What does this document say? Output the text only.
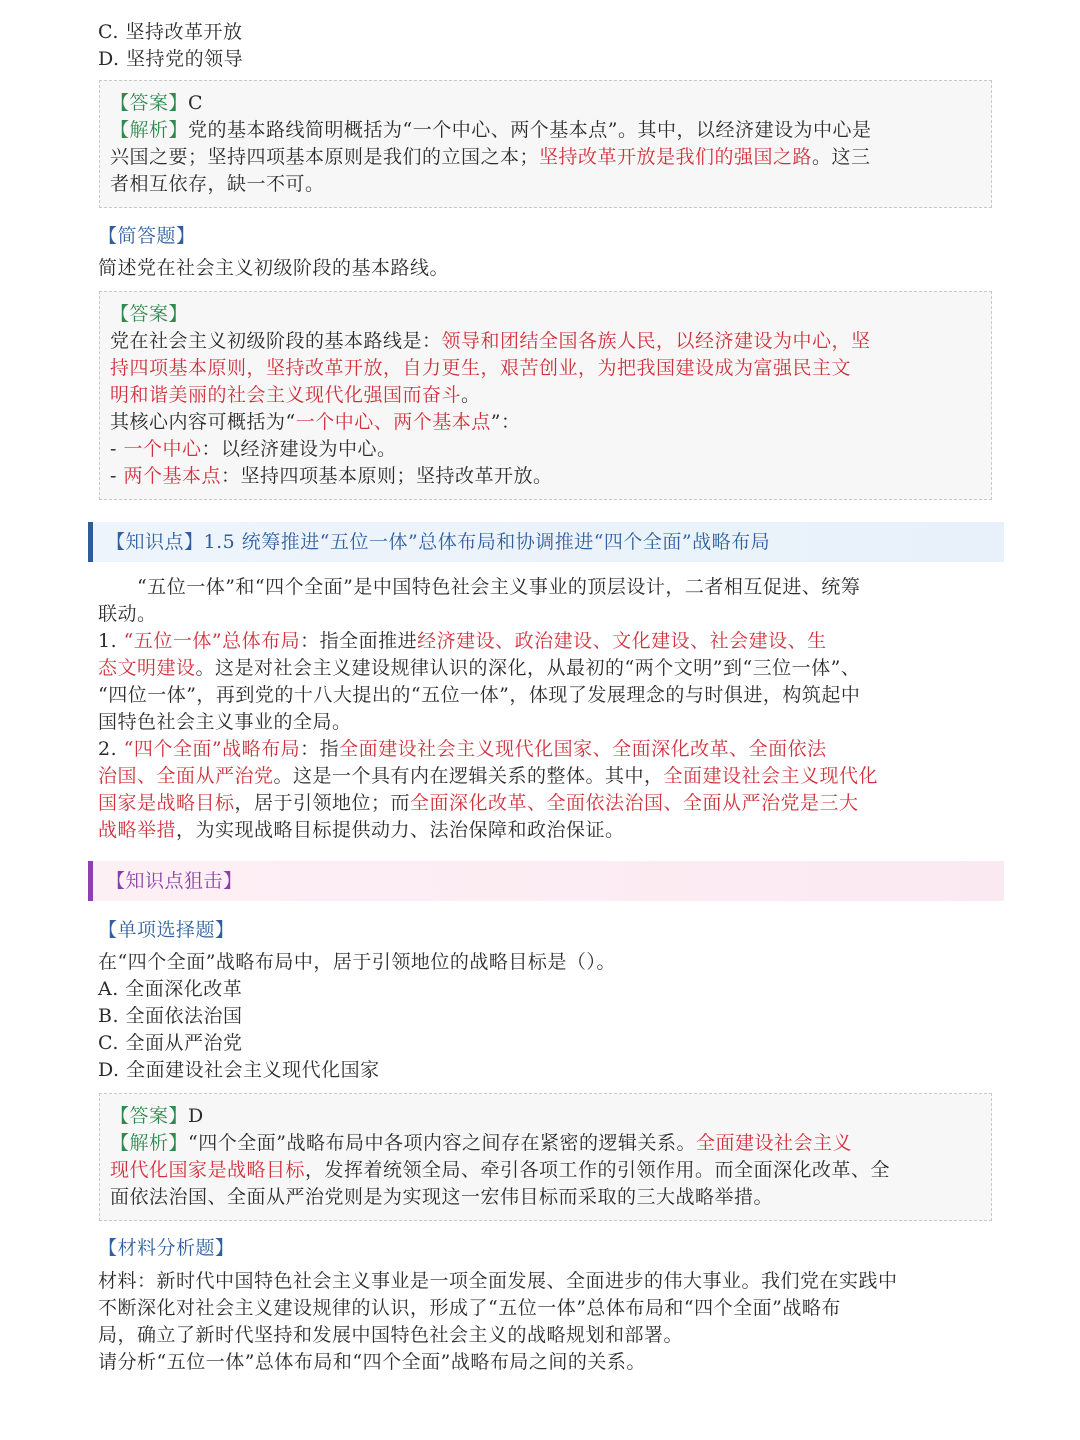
C. 坚持改革开放
D. 坚持党的领导
【答案】C
【解析】党的基本路线简明概括为“一个中心、两个基本点”。其中，以经济建设为中心是
兴国之要；坚持四项基本原则是我们的立国之本；坚持改革开放是我们的强国之路。这三
者相互依存，缺一不可。
【简答题】
简述党在社会主义初级阶段的基本路线。
【答案】
党在社会主义初级阶段的基本路线是：领导和团结全国各族人民，以经济建设为中心，坚
持四项基本原则，坚持改革开放，自力更生，艰苦创业，为把我国建设成为富强民主文
明和谐美丽的社会主义现代化强国而奋斗。
其核心内容可概括为“一个中心、两个基本点”：
- 一个中心：以经济建设为中心。
- 两个基本点：坚持四项基本原则；坚持改革开放。
【知识点】1.5 统筹推进“五位一体”总体布局和协调推进“四个全面”战略布局
　　“五位一体”和“四个全面”是中国特色社会主义事业的顶层设计，二者相互促进、统筹
联动。
1. “五位一体”总体布局：指全面推进经济建设、政治建设、文化建设、社会建设、生
态文明建设。这是对社会主义建设规律认识的深化，从最初的“两个文明”到“三位一体”、
“四位一体”，再到党的十八大提出的“五位一体”，体现了发展理念的与时俱进，构筑起中
国特色社会主义事业的全局。
2. “四个全面”战略布局：指全面建设社会主义现代化国家、全面深化改革、全面依法
治国、全面从严治党。这是一个具有内在逻辑关系的整体。其中，全面建设社会主义现代化
国家是战略目标，居于引领地位；而全面深化改革、全面依法治国、全面从严治党是三大
战略举措，为实现战略目标提供动力、法治保障和政治保证。
【知识点狙击】
【单项选择题】
在“四个全面”战略布局中，居于引领地位的战略目标是（）。
A. 全面深化改革
B. 全面依法治国
C. 全面从严治党
D. 全面建设社会主义现代化国家
【答案】D
【解析】“四个全面”战略布局中各项内容之间存在紧密的逻辑关系。全面建设社会主义
现代化国家是战略目标，发挥着统领全局、牵引各项工作的引领作用。而全面深化改革、全
面依法治国、全面从严治党则是为实现这一宏伟目标而采取的三大战略举措。
【材料分析题】
材料：新时代中国特色社会主义事业是一项全面发展、全面进步的伟大事业。我们党在实践中
不断深化对社会主义建设规律的认识，形成了“五位一体”总体布局和“四个全面”战略布
局，确立了新时代坚持和发展中国特色社会主义的战略规划和部署。
请分析“五位一体”总体布局和“四个全面”战略布局之间的关系。
